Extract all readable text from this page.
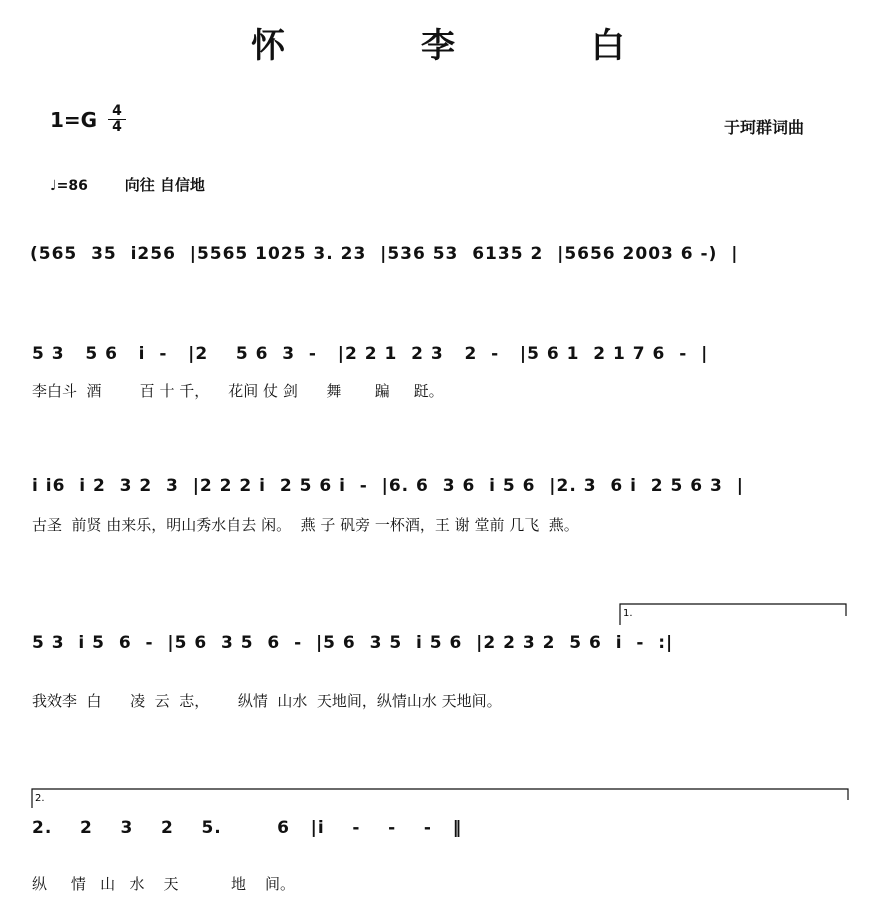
怀 李 白
1=G 4
4	于珂群词曲
♩=86 向往 自信地
(565  35  i256  |5565 1025 3. 23  |536 53  6135 2  |5656 2003 6 -)  |
5 3   5 6   i  -   |2    5 6  3  -   |2 2 1  2 3   2  -   |5 6 1  2 1 7 6  -  |
李白斗  酒        百 十 千，    花间 仗 剑      舞       蹁     跹。
i i6  i 2  3 2  3  |2 2 2 i  2 5 6 i  -  |6. 6  3 6  i 5 6  |2. 3  6 i  2 5 6 3  |
古圣  前贤 由来乐，明山秀水自去 闲。  燕 子 矾旁 一杯酒，王 谢 堂前 几飞  燕。
5 3  i 5  6  -  |5 6  3 5  6  -  |5 6  3 5  i 5 6  |2 2 3 2  5 6  i  -  :|
我效李  白      凌  云  志，      纵情  山水  天地间，纵情山水 天地间。
2.    2    3    2    5.        6   |i    -    -    -   ‖
纵     情   山   水    天           地    间。
1.
2.
